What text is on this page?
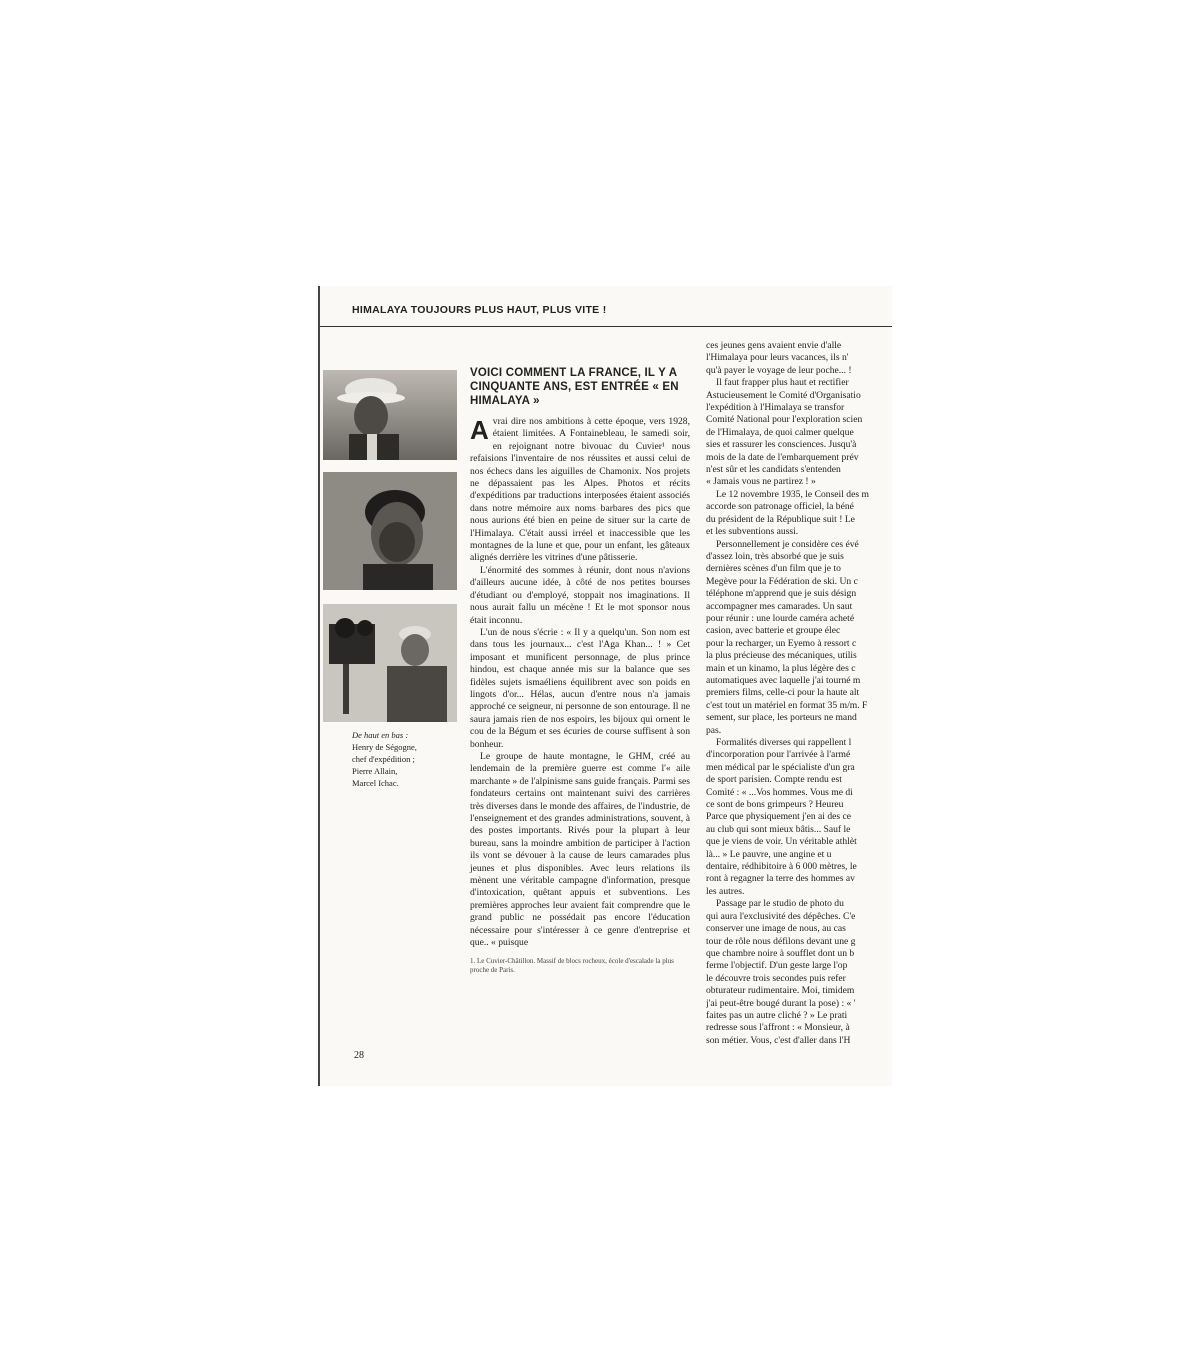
HIMALAYA TOUJOURS PLUS HAUT, PLUS VITE !
De haut en bas :
Henry de Ségogne,
chef d'expédition ;
Pierre Allain,
Marcel Ichac.
VOICI COMMENT LA FRANCE, IL Y A CINQUANTE ANS, EST ENTRÉE « EN HIMALAYA »

Avrai dire nos ambitions à cette époque, vers 1928, étaient limitées. A Fontainebleau, le samedi soir, en rejoignant notre bivouac du Cuvier¹ nous refaisions l'inventaire de nos réussites et aussi celui de nos échecs dans les aiguilles de Chamonix. Nos projets ne dépassaient pas les Alpes. Photos et récits d'expéditions par traductions interposées étaient associés dans notre mémoire aux noms barbares des pics que nous aurions été bien en peine de situer sur la carte de l'Himalaya. C'était aussi irréel et inaccessible que les montagnes de la lune et que, pour un enfant, les gâteaux alignés derrière les vitrines d'une pâtisserie.

L'énormité des sommes à réunir, dont nous n'avions d'ailleurs aucune idée, à côté de nos petites bourses d'étudiant ou d'employé, stoppait nos imaginations. Il nous aurait fallu un mécène ! Et le mot sponsor nous était inconnu.

L'un de nous s'écrie : « Il y a quelqu'un. Son nom est dans tous les journaux... c'est l'Aga Khan... ! » Cet imposant et munificent personnage, de plus prince hindou, est chaque année mis sur la balance que ses fidèles sujets ismaéliens équilibrent avec son poids en lingots d'or... Hélas, aucun d'entre nous n'a jamais approché ce seigneur, ni personne de son entourage. Il ne saura jamais rien de nos espoirs, les bijoux qui ornent le cou de la Bégum et ses écuries de course suffisent à son bonheur.

Le groupe de haute montagne, le GHM, créé au lendemain de la première guerre est comme l'« aile marchante » de l'alpinisme sans guide français. Parmi ses fondateurs certains ont maintenant suivi des carrières très diverses dans le monde des affaires, de l'industrie, de l'enseignement et des grandes administrations, souvent, à des postes importants. Rivés pour la plupart à leur bureau, sans la moindre ambition de participer à l'action ils vont se dévouer à la cause de leurs camarades plus jeunes et plus disponibles. Avec leurs relations ils mènent une véritable campagne d'information, presque d'intoxication, quêtant appuis et subventions. Les premières approches leur avaient fait comprendre que le grand public ne possédait pas encore l'éducation nécessaire pour s'intéresser à ce genre d'entreprise et que.. « puisque

1. Le Cuvier-Châtillon. Massif de blocs rocheux, école d'escalade la plus proche de Paris.

ces jeunes gens avaient envie d'alle

l'Himalaya pour leurs vacances, ils n'

qu'à payer le voyage de leur poche... !

Il faut frapper plus haut et rectifier

Astucieusement le Comité d'Organisatio

l'expédition à l'Himalaya se transfor

Comité National pour l'exploration scien

de l'Himalaya, de quoi calmer quelque

sies et rassurer les consciences. Jusqu'à

mois de la date de l'embarquement prév

n'est sûr et les candidats s'entenden

« Jamais vous ne partirez ! »

Le 12 novembre 1935, le Conseil des m

accorde son patronage officiel, la béné

du président de la République suit ! Le

et les subventions aussi.

Personnellement je considère ces évé

d'assez loin, très absorbé que je suis

dernières scènes d'un film que je to

Megève pour la Fédération de ski. Un c

téléphone m'apprend que je suis désign

accompagner mes camarades. Un saut

pour réunir : une lourde caméra acheté

casion, avec batterie et groupe élec

pour la recharger, un Eyemo à ressort c

la plus précieuse des mécaniques, utilis

main et un kinamo, la plus légère des c

automatiques avec laquelle j'ai tourné m

premiers films, celle-ci pour la haute alt

c'est tout un matériel en format 35 m/m. F

sement, sur place, les porteurs ne mand

pas.

Formalités diverses qui rappellent l

d'incorporation pour l'arrivée à l'armé

men médical par le spécialiste d'un gra

de sport parisien. Compte rendu est

Comité : « ...Vos hommes. Vous me di

ce sont de bons grimpeurs ? Heureu

Parce que physiquement j'en ai des ce

au club qui sont mieux bâtis... Sauf le

que je viens de voir. Un véritable athlèt

là... » Le pauvre, une angine et u

dentaire, rédhibitoire à 6 000 mètres, le

ront à regagner la terre des hommes av

les autres.

Passage par le studio de photo du

qui aura l'exclusivité des dépêches. C'e

conserver une image de nous, au cas

tour de rôle nous défilons devant une g

que chambre noire à soufflet dont un b

ferme l'objectif. D'un geste large l'op

le découvre trois secondes puis refer

obturateur rudimentaire. Moi, timidem

j'ai peut-être bougé durant la pose) : « '

faites pas un autre cliché ? » Le prati

redresse sous l'affront : « Monsieur, à

son métier. Vous, c'est d'aller dans l'H

28
